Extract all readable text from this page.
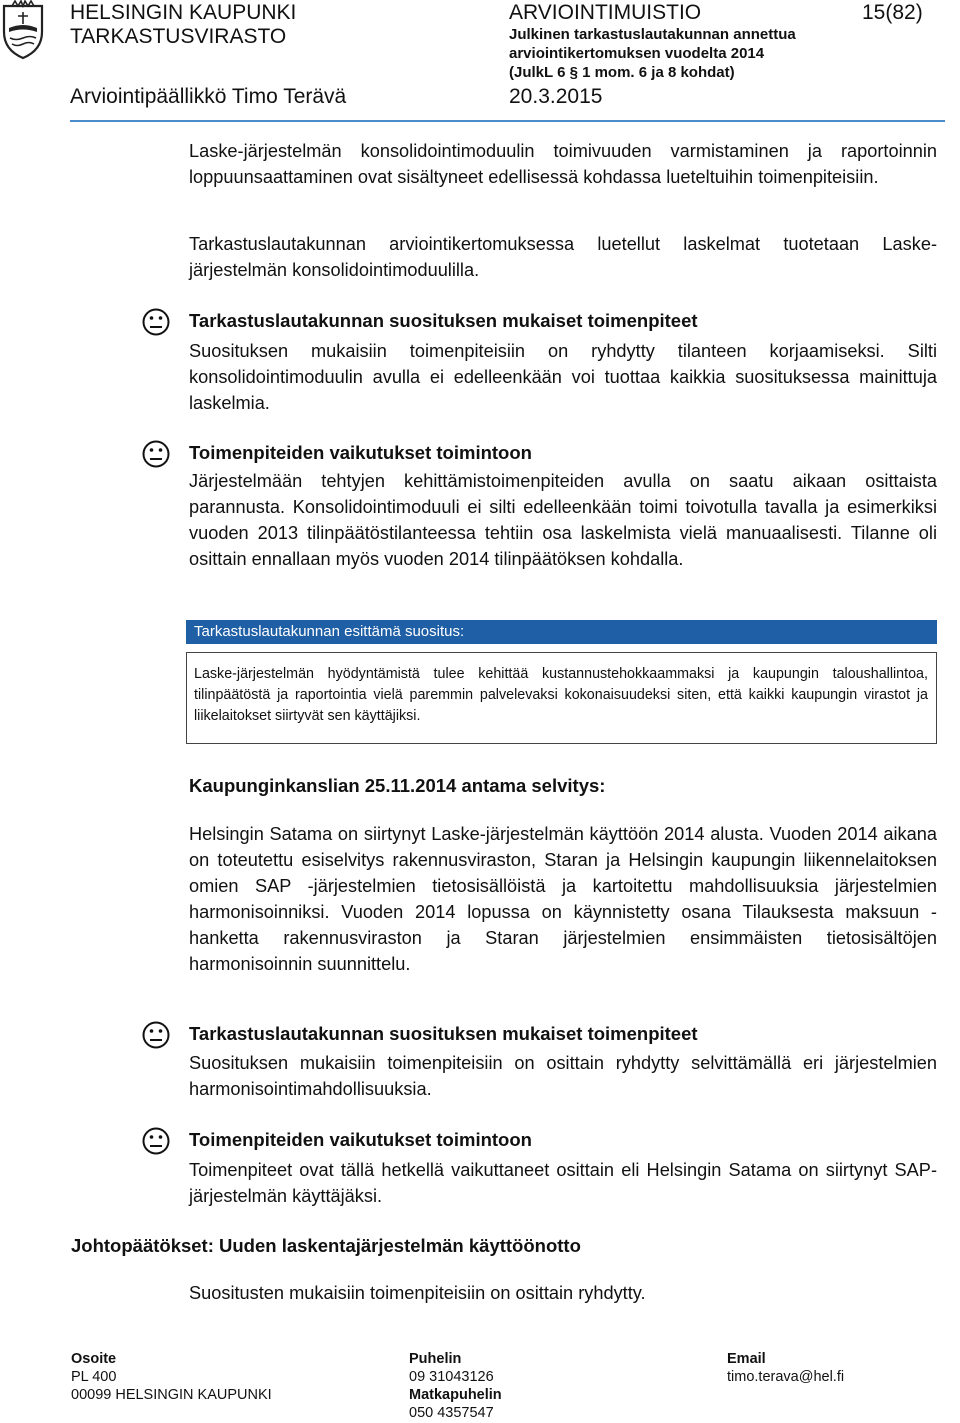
HELSINGIN KAUPUNKI
TARKASTUSVIRASTO
ARVIOINTIMUISTIO
Julkinen tarkastuslautakunnan annettua
arviointikertomuksen vuodelta 2014
(JulkL 6 § 1 mom. 6 ja 8 kohdat)
15(82)
Arviointipäällikkö Timo Terävä	20.3.2015
Laske-järjestelmän konsolidointimoduulin toimivuuden varmistaminen ja raportoinnin loppuunsaattaminen ovat sisältyneet edellisessä kohdassa lueteltuihin toimenpiteisiin.
Tarkastuslautakunnan arviointikertomuksessa luetellut laskelmat tuotetaan Laske-järjestelmän konsolidointimoduulilla.
Tarkastuslautakunnan suosituksen mukaiset toimenpiteet
Suosituksen mukaisiin toimenpiteisiin on ryhdytty tilanteen korjaamiseksi. Silti konsolidointimoduulin avulla ei edelleenkään voi tuottaa kaikkia suosituksessa mainittuja laskelmia.
Toimenpiteiden vaikutukset toimintoon
Järjestelmään tehtyjen kehittämistoimenpiteiden avulla on saatu aikaan osittaista parannusta. Konsolidointimoduuli ei silti edelleenkään toimi toivotulla tavalla ja esimerkiksi vuoden 2013 tilinpäätöstilanteessa tehtiin osa laskelmista vielä manuaalisesti. Tilanne oli osittain ennallaan myös vuoden 2014 tilinpäätöksen kohdalla.
Tarkastuslautakunnan esittämä suositus:
Laske-järjestelmän hyödyntämistä tulee kehittää kustannustehokkaammaksi ja kaupungin taloushallintoa, tilinpäätöstä ja raportointia vielä paremmin palvelevaksi kokonaisuudeksi siten, että kaikki kaupungin virastot ja liikelaitokset siirtyvät sen käyttäjiksi.
Kaupunginkanslian 25.11.2014 antama selvitys:
Helsingin Satama on siirtynyt Laske-järjestelmän käyttöön 2014 alusta. Vuoden 2014 aikana on toteutettu esiselvitys rakennusviraston, Staran ja Helsingin kaupungin liikennelaitoksen omien SAP -järjestelmien tietosisällöistä ja kartoitettu mahdollisuuksia järjestelmien harmonisoinniksi. Vuoden 2014 lopussa on käynnistetty osana Tilauksesta maksuun -hanketta rakennusviraston ja Staran järjestelmien ensimmäisten tietosisältöjen harmonisoinnin suunnittelu.
Tarkastuslautakunnan suosituksen mukaiset toimenpiteet
Suosituksen mukaisiin toimenpiteisiin on osittain ryhdytty selvittämällä eri järjestelmien harmonisointimahdollisuuksia.
Toimenpiteiden vaikutukset toimintoon
Toimenpiteet ovat tällä hetkellä vaikuttaneet osittain eli Helsingin Satama on siirtynyt SAP-järjestelmän käyttäjäksi.
Johtopäätökset: Uuden laskentajärjestelmän käyttöönotto
Suositusten mukaisiin toimenpiteisiin on osittain ryhdytty.
Osoite
PL 400
00099 HELSINGIN KAUPUNKI
Puhelin
09 31043126
Matkapuhelin
050 4357547
Email
timo.terava@hel.fi
